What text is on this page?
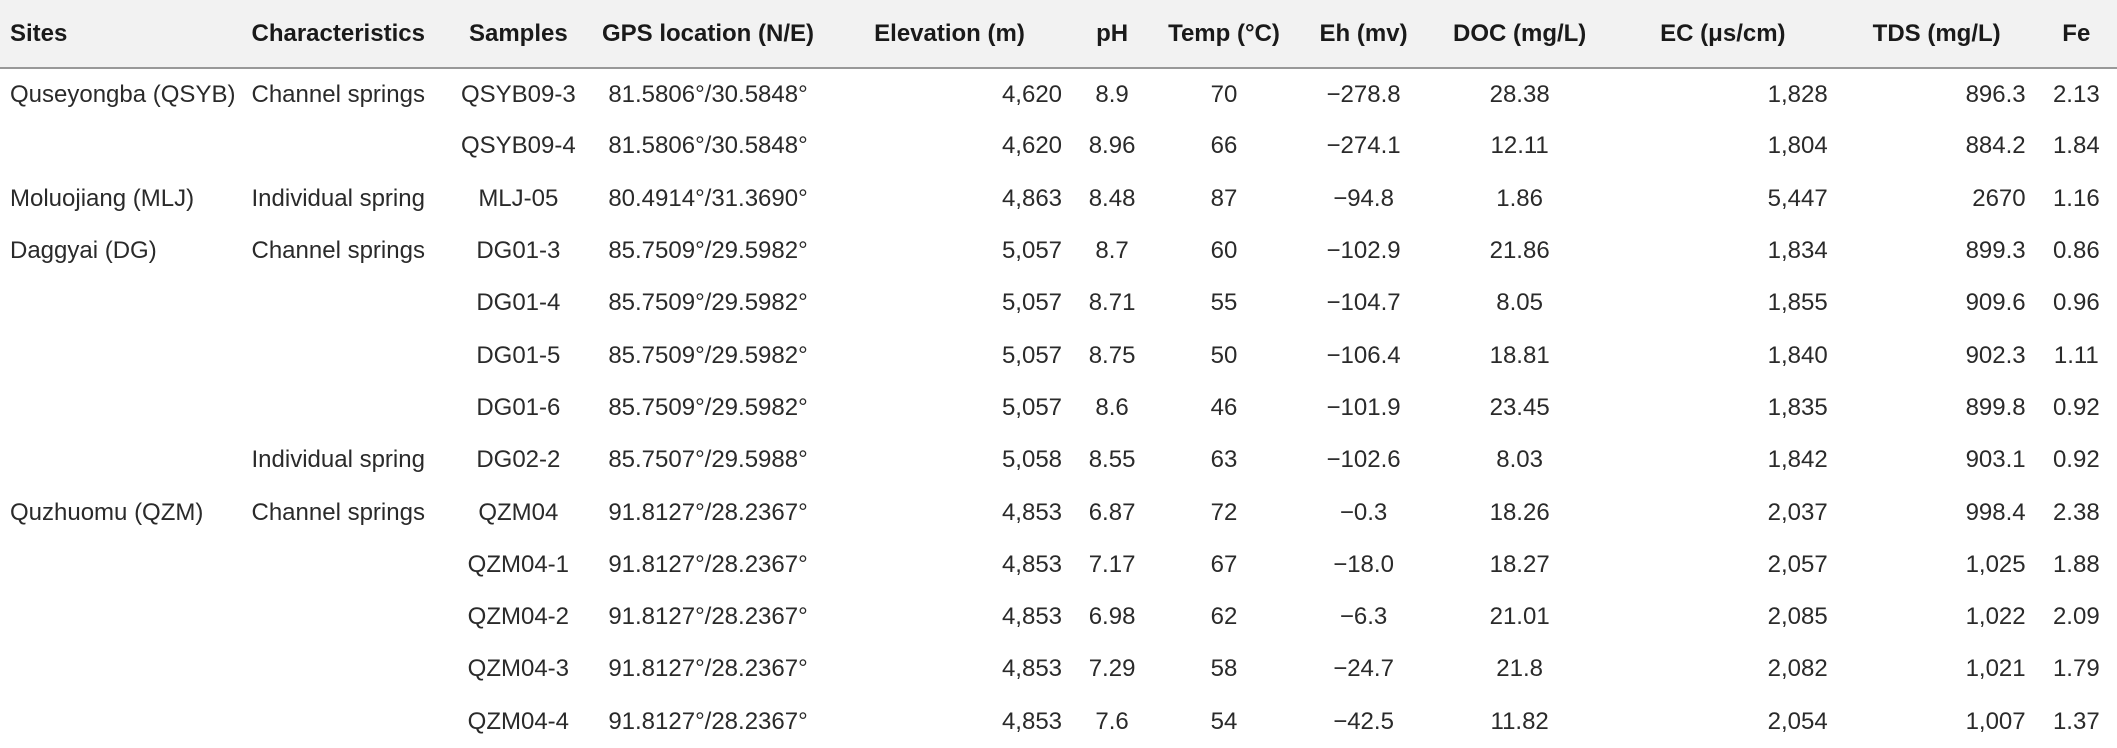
Sites	Characteristics	Samples	GPS location (N/E)	Elevation (m)	pH	Temp (°C)	Eh (mv)	DOC (mg/L)	EC (μs/cm)	TDS (mg/L)	Fe
Quseyongba (QSYB)	Channel springs	QSYB09-3	81.5806°/30.5848°	4,620	8.9	70	−278.8	28.38	1,828	896.3	2.13
		QSYB09-4	81.5806°/30.5848°	4,620	8.96	66	−274.1	12.11	1,804	884.2	1.84
Moluojiang (MLJ)	Individual spring	MLJ-05	80.4914°/31.3690°	4,863	8.48	87	−94.8	1.86	5,447	2670	1.16
Daggyai (DG)	Channel springs	DG01-3	85.7509°/29.5982°	5,057	8.7	60	−102.9	21.86	1,834	899.3	0.86
		DG01-4	85.7509°/29.5982°	5,057	8.71	55	−104.7	8.05	1,855	909.6	0.96
		DG01-5	85.7509°/29.5982°	5,057	8.75	50	−106.4	18.81	1,840	902.3	1.11
		DG01-6	85.7509°/29.5982°	5,057	8.6	46	−101.9	23.45	1,835	899.8	0.92
	Individual spring	DG02-2	85.7507°/29.5988°	5,058	8.55	63	−102.6	8.03	1,842	903.1	0.92
Quzhuomu (QZM)	Channel springs	QZM04	91.8127°/28.2367°	4,853	6.87	72	−0.3	18.26	2,037	998.4	2.38
		QZM04-1	91.8127°/28.2367°	4,853	7.17	67	−18.0	18.27	2,057	1,025	1.88
		QZM04-2	91.8127°/28.2367°	4,853	6.98	62	−6.3	21.01	2,085	1,022	2.09
		QZM04-3	91.8127°/28.2367°	4,853	7.29	58	−24.7	21.8	2,082	1,021	1.79
		QZM04-4	91.8127°/28.2367°	4,853	7.6	54	−42.5	11.82	2,054	1,007	1.37
